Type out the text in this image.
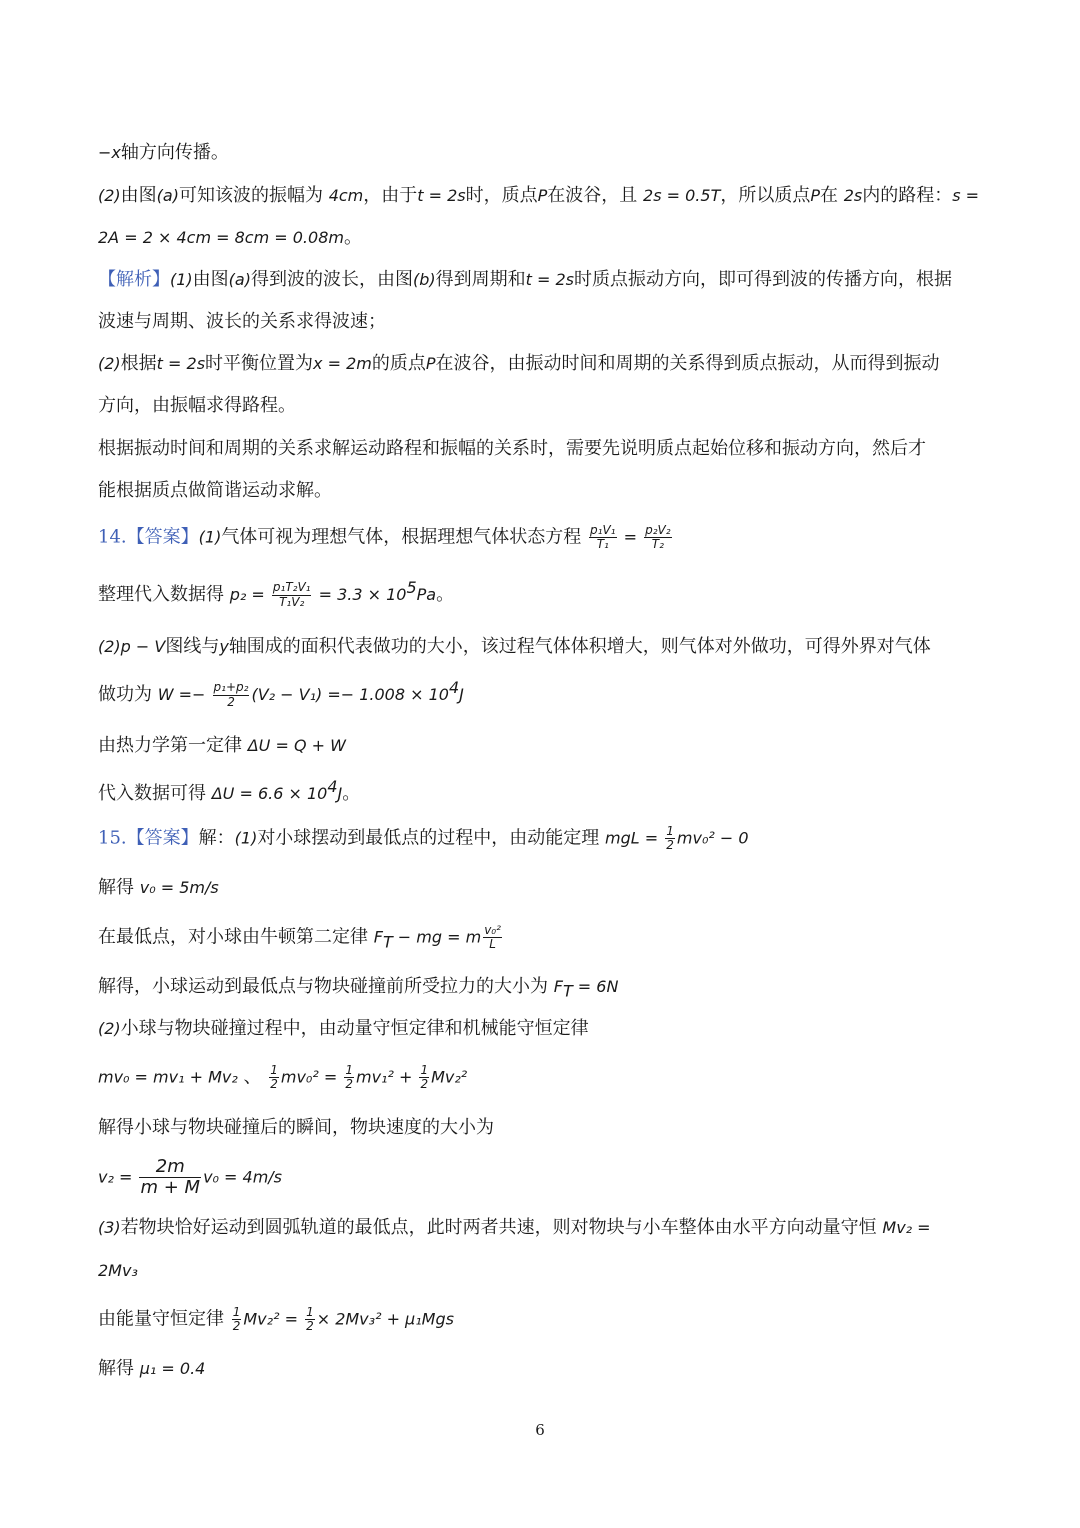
−x轴方向传播。
(2)由图(a)可知该波的振幅为 4cm，由于t = 2s时，质点P在波谷，且 2s = 0.5T，所以质点P在 2s内的路程：s =
2A = 2 × 4cm = 8cm = 0.08m。
【解析】(1)由图(a)得到波的波长，由图(b)得到周期和t = 2s时质点振动方向，即可得到波的传播方向，根据
波速与周期、波长的关系求得波速；
(2)根据t = 2s时平衡位置为x = 2m的质点P在波谷，由振动时间和周期的关系得到质点振动，从而得到振动
方向，由振幅求得路程。
根据振动时间和周期的关系求解运动路程和振幅的关系时，需要先说明质点起始位移和振动方向，然后才
能根据质点做简谐运动求解。
14.【答案】(1)气体可视为理想气体，根据理想气体状态方程 $\frac{\text{p₁V₁}}{\text{T₁}} = \frac{\text{p₂V₂}}{\text{T₂}}$
整理代入数据得 $p_2 = \frac{\text{p₁T₂V₁}}{\text{T₁V₂}} = 3.3 \times 10^5Pa$。
(2)p − V图线与y轴围成的面积代表做功的大小，该过程气体体积增大，则气体对外做功，可得外界对气体
做功为 $W =- \frac{\text{p₁+p₂}}{2} (V_2 - V_1) =- 1.008 \times 10^4J$
由热力学第一定律 ΔU = Q + W
代入数据可得 $\Delta U = 6.6 \times 10^4J$。
15.【答案】解：(1)对小球摆动到最低点的过程中，由动能定理 mgL = $\frac{1}{2} mv_0^2 - 0$
解得 v₀ = 5m/s
在最低点，对小球由牛顿第二定律 $F_T$ − mg = m $\frac{\text{v₀²}}{L}$
解得，小球运动到最低点与物块碰撞前所受拉力的大小为 $F_T = 6N$
(2)小球与物块碰撞过程中，由动量守恒定律和机械能守恒定律
mv₀ = mv₁ + Mv₂ 、 $\frac{1}{2} mv_0^2 = \frac{1}{2} mv_1^2 + \frac{1}{2} Mv_2^2$
解得小球与物块碰撞后的瞬间，物块速度的大小为
$v_2 = \frac{2m}{m + M} v_0 = 4m/s$
(3)若物块恰好运动到圆弧轨道的最低点，此时两者共速，则对物块与小车整体由水平方向动量守恒 Mv₂ =
2Mv₃
由能量守恒定律 $\frac{1}{2} Mv_2^2 = \frac{1}{2} \times 2Mv_3^2 + \mu_1Mgs$
解得 μ₁ = 0.4
6
